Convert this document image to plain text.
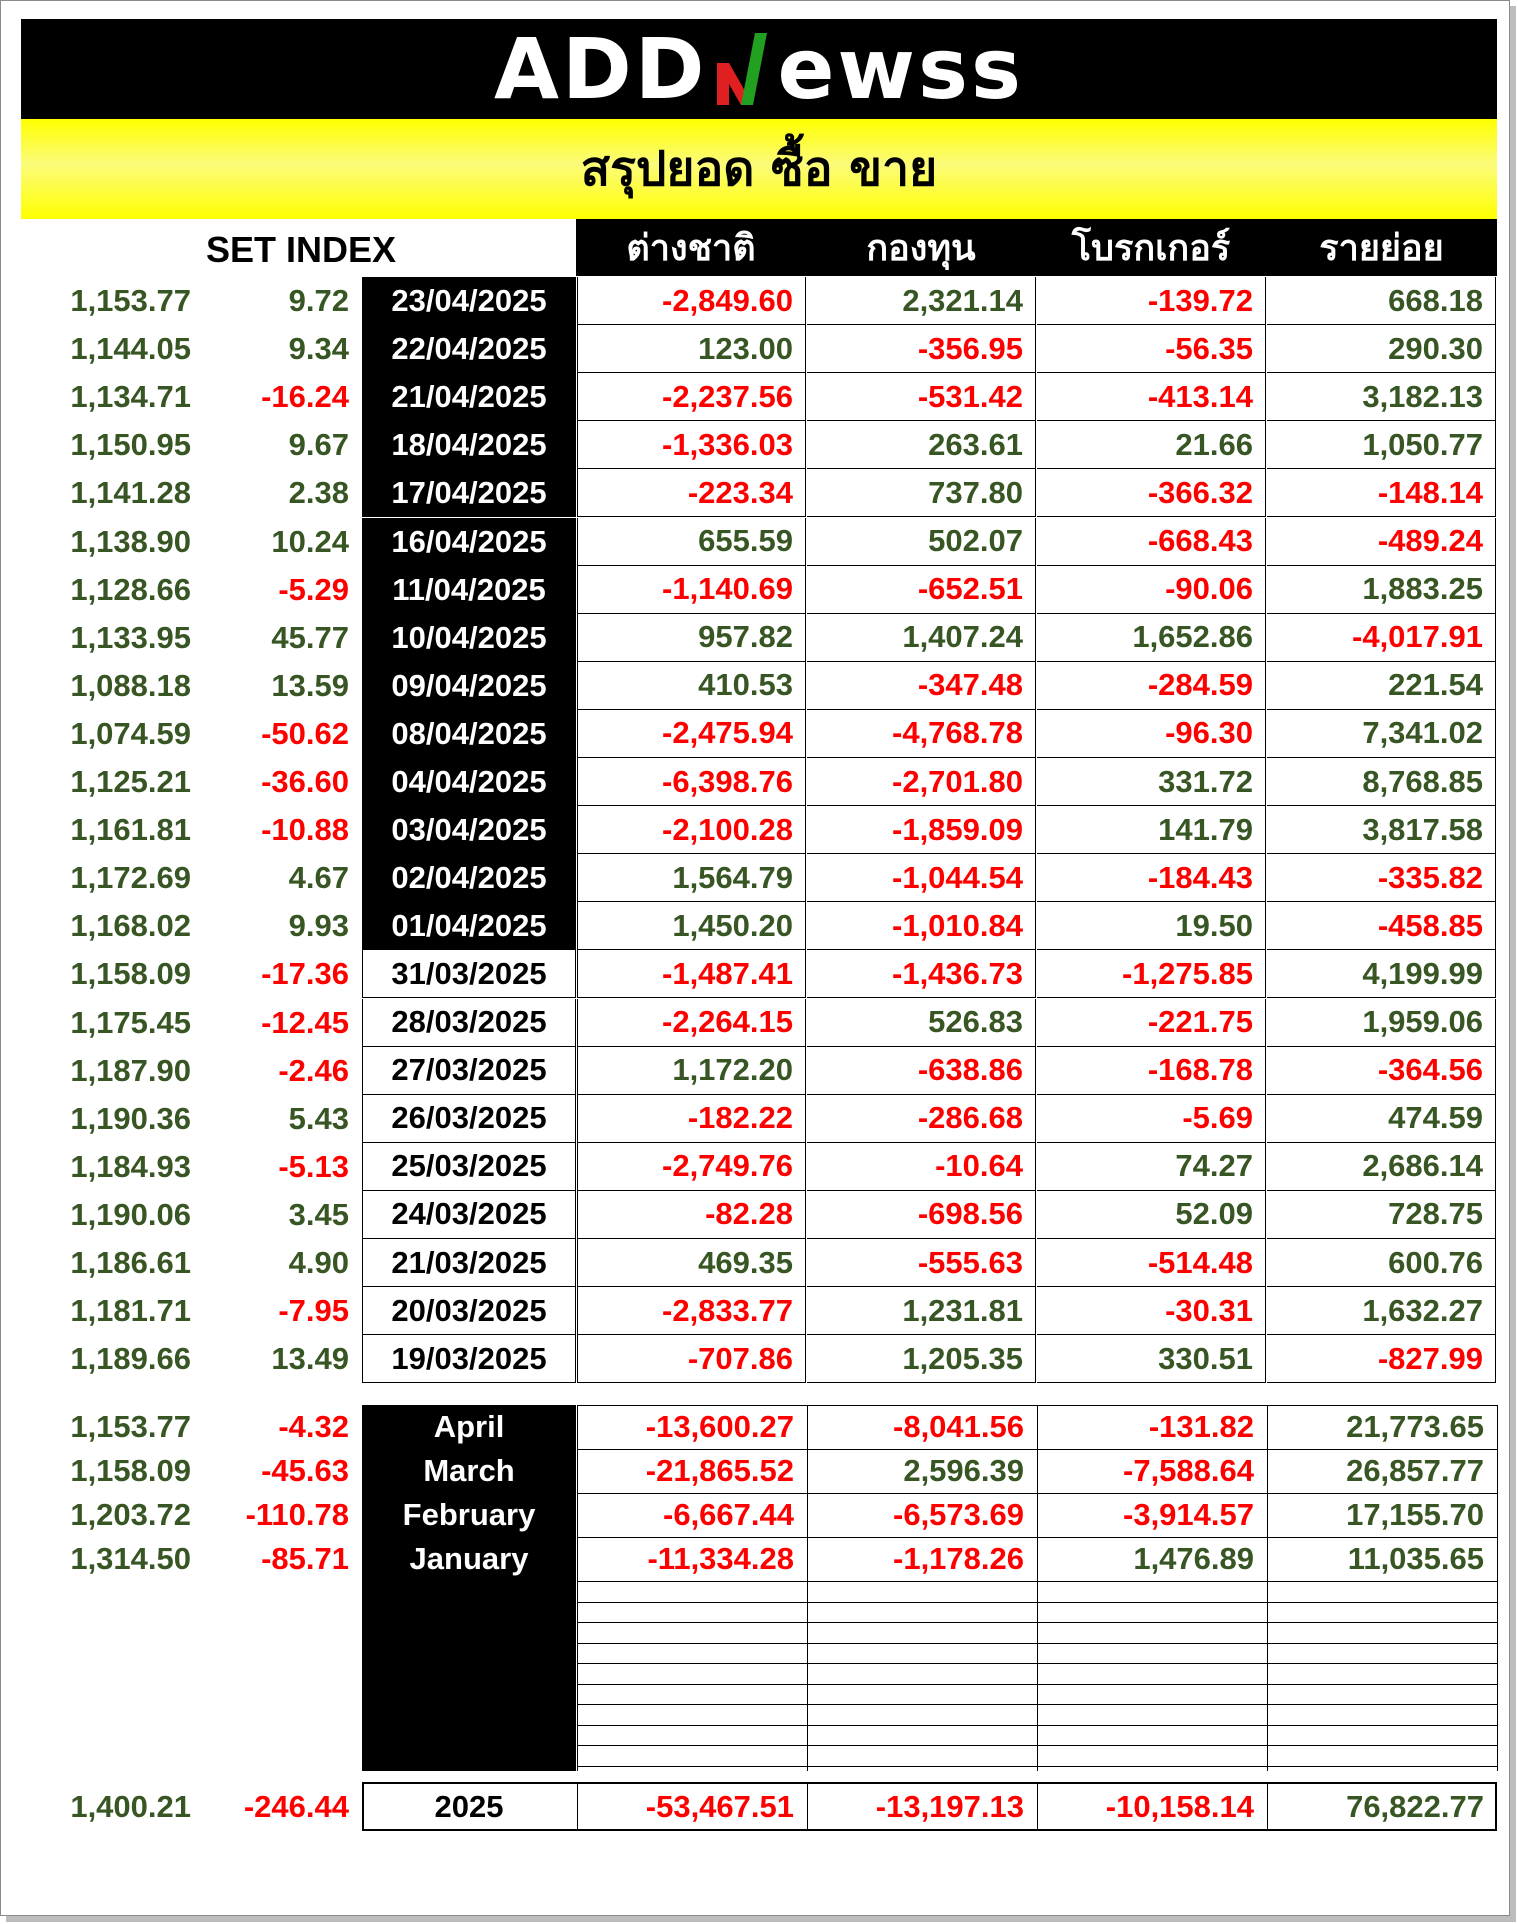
ADD ewss
สรุปยอด ซื้อ ขาย
SET INDEX	ต่างชาติ	กองทุน	โบรกเกอร์	รายย่อย
1,153.77	9.72	23/04/2025	-2,849.60	2,321.14	-139.72	668.18
1,144.05	9.34	22/04/2025	123.00	-356.95	-56.35	290.30
1,134.71	-16.24	21/04/2025	-2,237.56	-531.42	-413.14	3,182.13
1,150.95	9.67	18/04/2025	-1,336.03	263.61	21.66	1,050.77
1,141.28	2.38	17/04/2025	-223.34	737.80	-366.32	-148.14
1,138.90	10.24	16/04/2025	655.59	502.07	-668.43	-489.24
1,128.66	-5.29	11/04/2025	-1,140.69	-652.51	-90.06	1,883.25
1,133.95	45.77	10/04/2025	957.82	1,407.24	1,652.86	-4,017.91
1,088.18	13.59	09/04/2025	410.53	-347.48	-284.59	221.54
1,074.59	-50.62	08/04/2025	-2,475.94	-4,768.78	-96.30	7,341.02
1,125.21	-36.60	04/04/2025	-6,398.76	-2,701.80	331.72	8,768.85
1,161.81	-10.88	03/04/2025	-2,100.28	-1,859.09	141.79	3,817.58
1,172.69	4.67	02/04/2025	1,564.79	-1,044.54	-184.43	-335.82
1,168.02	9.93	01/04/2025	1,450.20	-1,010.84	19.50	-458.85
1,158.09	-17.36	31/03/2025	-1,487.41	-1,436.73	-1,275.85	4,199.99
1,175.45	-12.45	28/03/2025	-2,264.15	526.83	-221.75	1,959.06
1,187.90	-2.46	27/03/2025	1,172.20	-638.86	-168.78	-364.56
1,190.36	5.43	26/03/2025	-182.22	-286.68	-5.69	474.59
1,184.93	-5.13	25/03/2025	-2,749.76	-10.64	74.27	2,686.14
1,190.06	3.45	24/03/2025	-82.28	-698.56	52.09	728.75
1,186.61	4.90	21/03/2025	469.35	-555.63	-514.48	600.76
1,181.71	-7.95	20/03/2025	-2,833.77	1,231.81	-30.31	1,632.27
1,189.66	13.49	19/03/2025	-707.86	1,205.35	330.51	-827.99
1,153.77	-4.32	April	-13,600.27	-8,041.56	-131.82	21,773.65
1,158.09	-45.63	March	-21,865.52	2,596.39	-7,588.64	26,857.77
1,203.72	-110.78	February	-6,667.44	-6,573.69	-3,914.57	17,155.70
1,314.50	-85.71	January	-11,334.28	-1,178.26	1,476.89	11,035.65
1,400.21	-246.44	2025	-53,467.51	-13,197.13	-10,158.14	76,822.77
